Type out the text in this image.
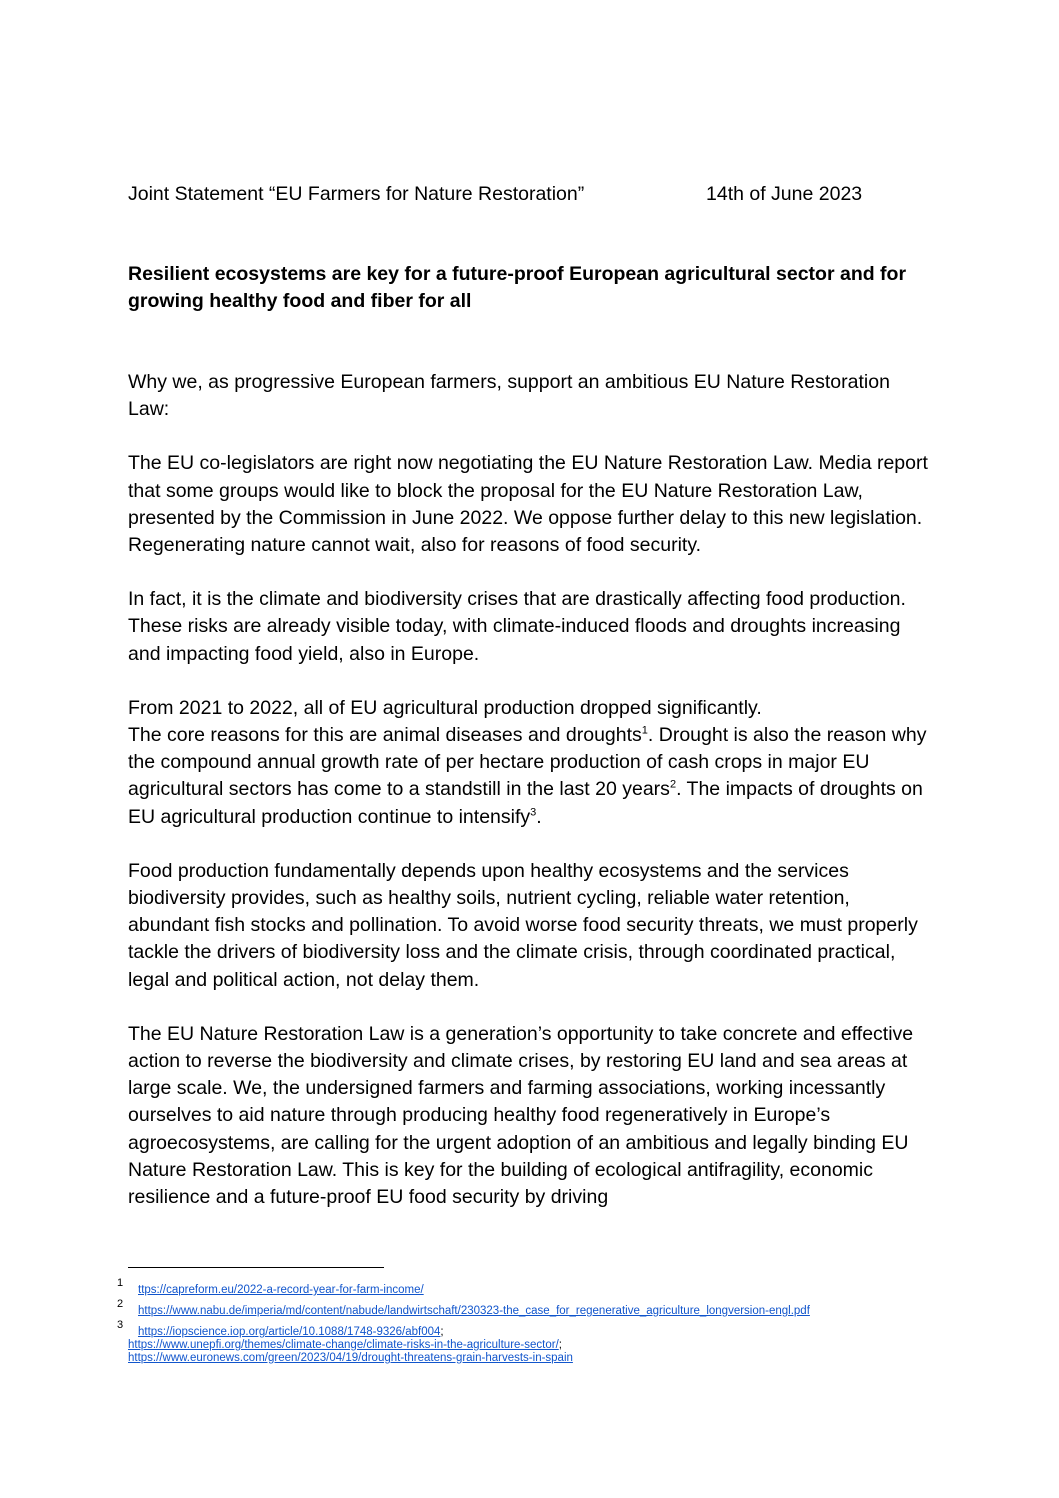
Joint Statement “EU Farmers for Nature Restoration”	14th of June 2023
Resilient ecosystems are key for a future-proof European agricultural sector and for growing healthy food and fiber for all

Why we, as progressive European farmers, support an ambitious EU Nature Restoration Law:

The EU co-legislators are right now negotiating the EU Nature Restoration Law. Media report that some groups would like to block the proposal for the EU Nature Restoration Law, presented by the Commission in June 2022. We oppose further delay to this new legislation. Regenerating nature cannot wait, also for reasons of food security.

In fact, it is the climate and biodiversity crises that are drastically affecting food production. These risks are already visible today, with climate-induced floods and droughts increasing and impacting food yield, also in Europe.

From 2021 to 2022, all of EU agricultural production dropped significantly.
The core reasons for this are animal diseases and droughts$^1$. Drought is also the reason why the compound annual growth rate of per hectare production of cash crops in major EU agricultural sectors has come to a standstill in the last 20 years$^2$. The impacts of droughts on EU agricultural production continue to intensify$^3$.

Food production fundamentally depends upon healthy ecosystems and the services biodiversity provides, such as healthy soils, nutrient cycling, reliable water retention, abundant fish stocks and pollination. To avoid worse food security threats, we must properly tackle the drivers of biodiversity loss and the climate crisis, through coordinated practical, legal and political action, not delay them.

The EU Nature Restoration Law is a generation’s opportunity to take concrete and effective action to reverse the biodiversity and climate crises, by restoring EU land and sea areas at large scale. We, the undersigned farmers and farming associations, working incessantly ourselves to aid nature through producing healthy food regeneratively in Europe’s agroecosystems, are calling for the urgent adoption of an ambitious and legally binding EU Nature Restoration Law. This is key for the building of ecological antifragility, economic resilience and a future-proof EU food security by driving

1
ttps://capreform.eu/2022-a-record-year-for-farm-income/
2
https://www.nabu.de/imperia/md/content/nabude/landwirtschaft/230323-the_case_for_regenerative_agriculture_longversion-engl.pdf
3
https://iopscience.iop.org/article/10.1088/1748-9326/abf004;
https://www.unepfi.org/themes/climate-change/climate-risks-in-the-agriculture-sector/;
https://www.euronews.com/green/2023/04/19/drought-threatens-grain-harvests-in-spain
